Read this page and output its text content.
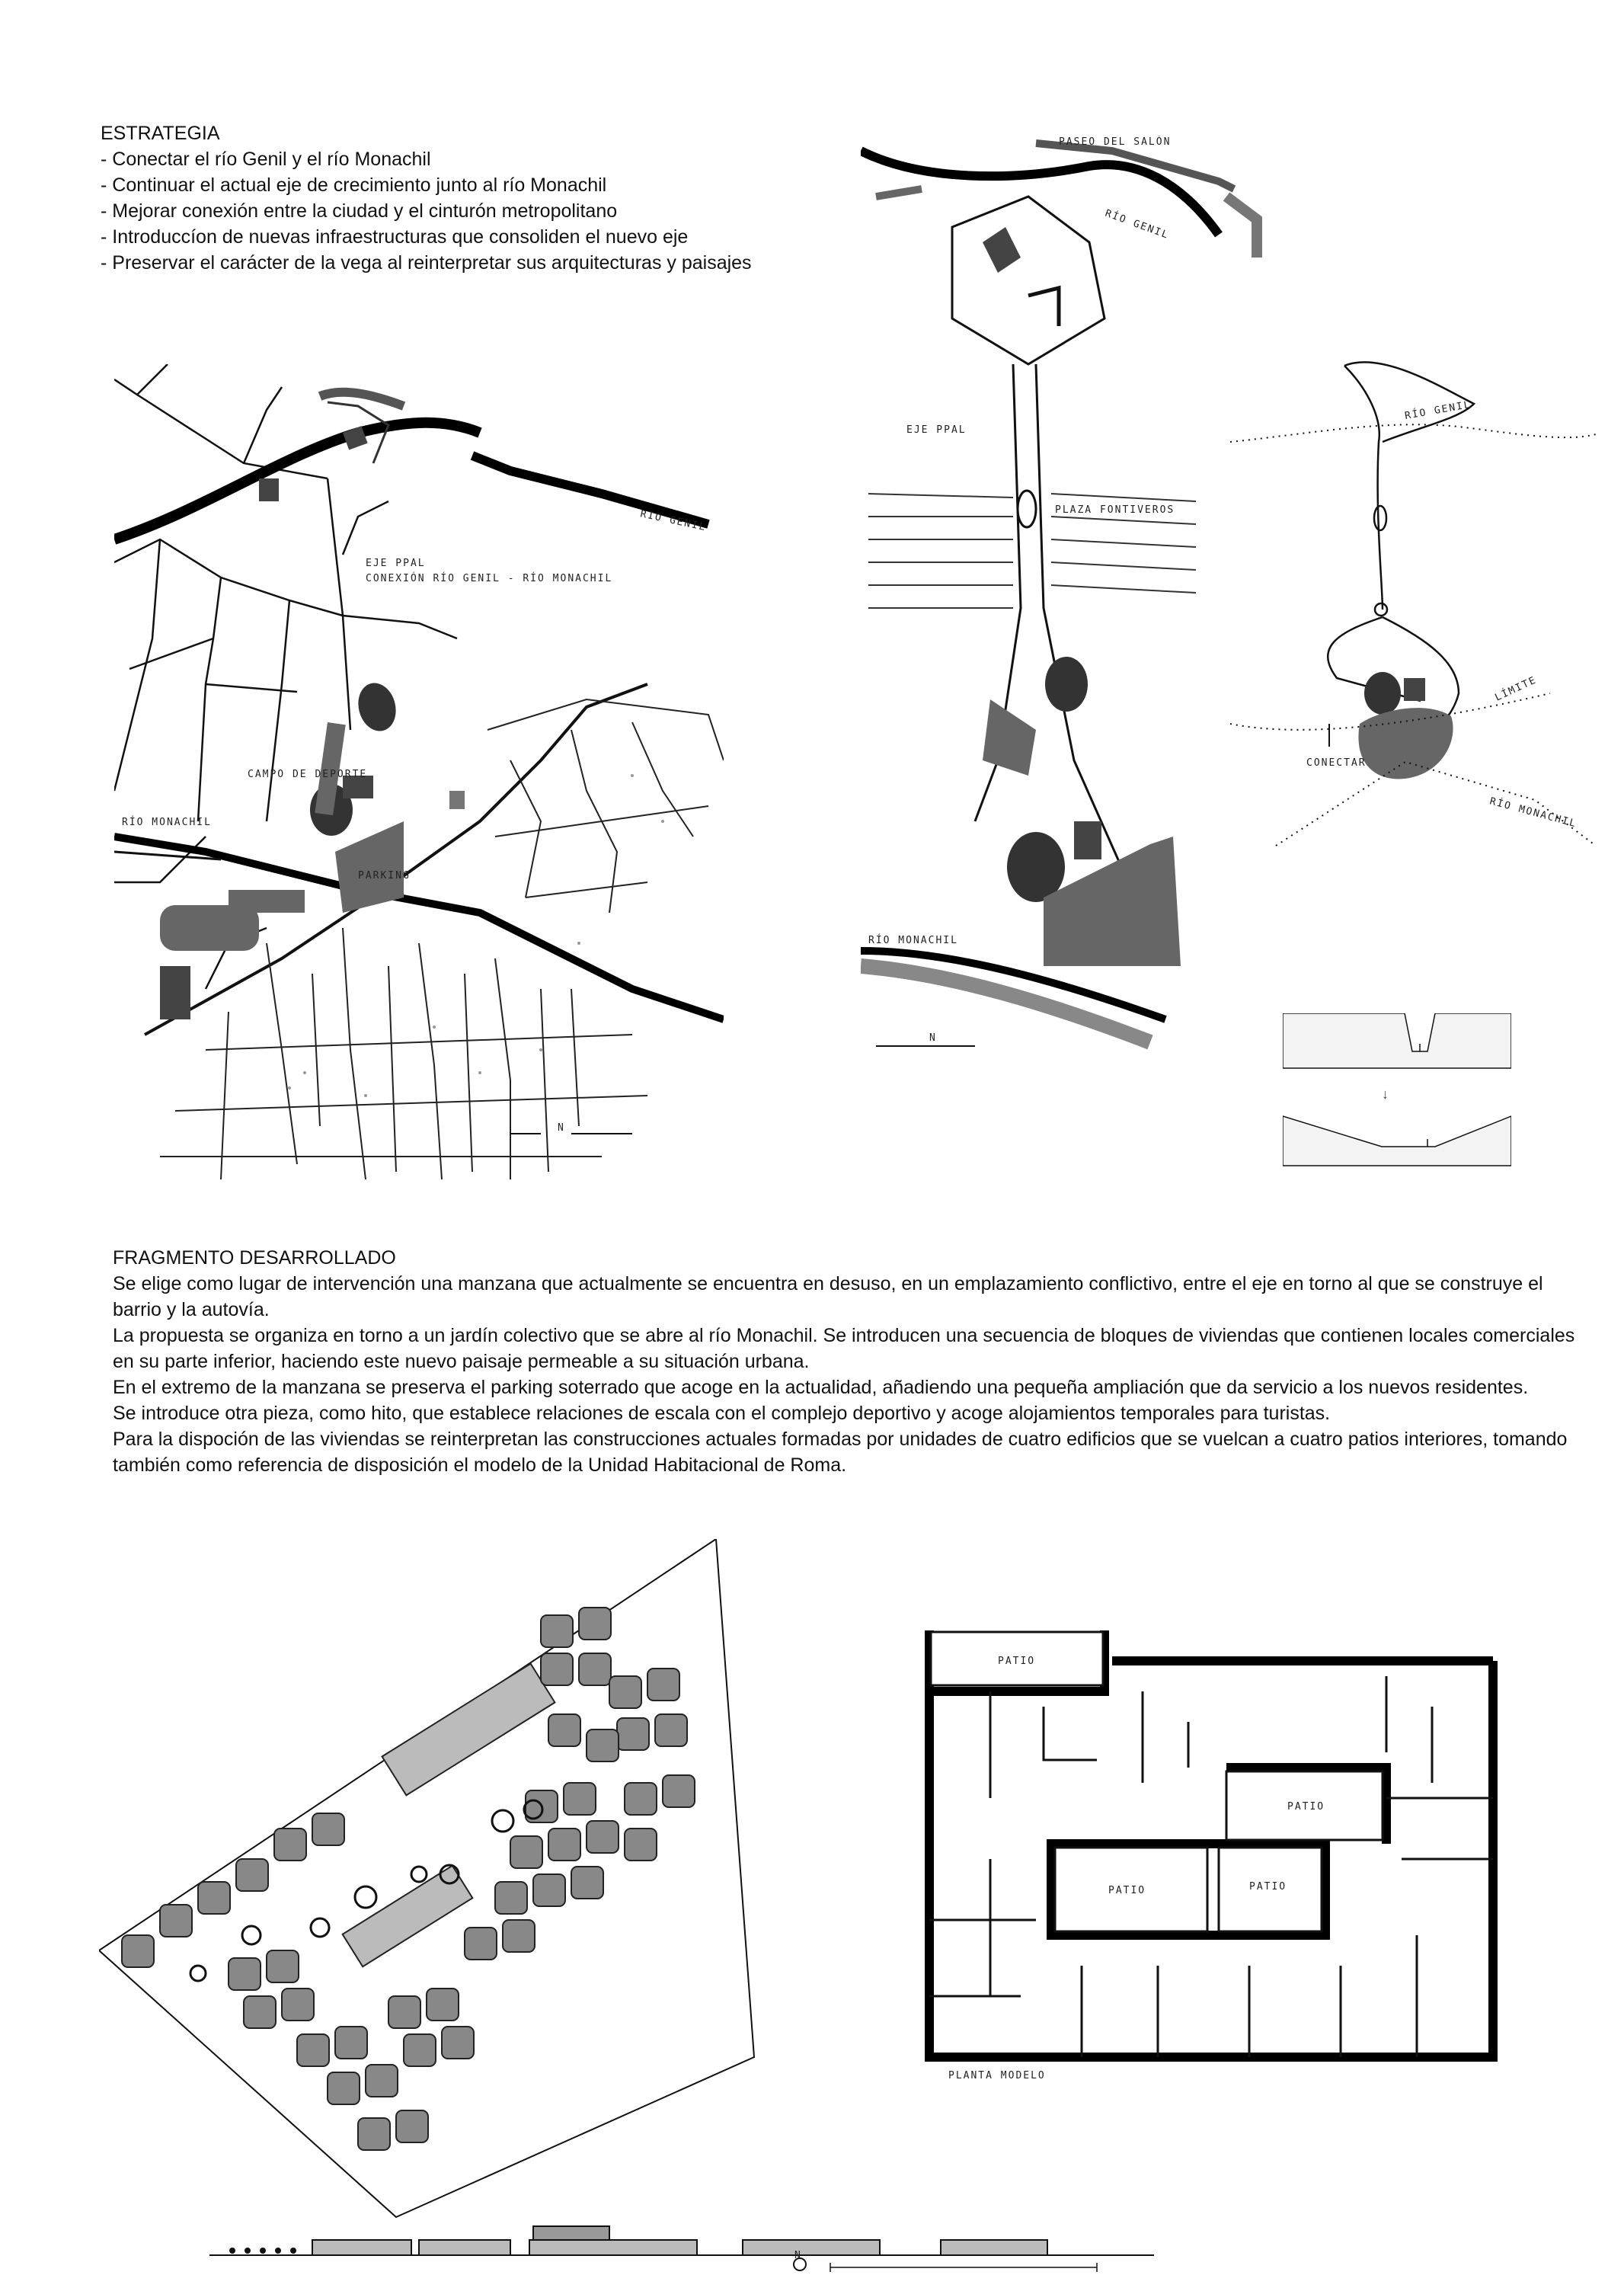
ESTRATEGIA
- Conectar el río Genil y el río Monachil
- Continuar el actual eje de crecimiento junto al río Monachil
- Mejorar conexión entre la ciudad y el cinturón metropolitano
- Introduccíon de nuevas infraestructuras que consoliden el nuevo eje
- Preservar el carácter de la vega al reinterpretar sus arquitecturas y paisajes
RÍO GENIL
EJE PPAL
CONEXIÓN RÍO GENIL - RÍO MONACHIL
CAMPO DE DEPORTE
RÍO MONACHIL
PARKING
N
PASEO DEL SALÓN
RÍO GENIL
EJE PPAL
PLAZA FONTIVEROS
RÍO MONACHIL
N
RÍO GENIL
LÍMITE
CONECTAR
RÍO MONACHIL
↓
FRAGMENTO DESARROLLADO

Se elige como lugar de intervención una manzana que actualmente se encuentra en desuso, en un emplazamiento conflictivo, entre el eje en torno al que se construye el barrio y la autovía.

La propuesta se organiza en torno a un jardín colectivo que se abre al río Monachil. Se introducen una secuencia de bloques de viviendas que contienen locales comerciales en su parte inferior, haciendo este nuevo paisaje permeable a su situación urbana.

En el extremo de la manzana se preserva el parking soterrado que acoge en la actualidad, añadiendo una pequeña ampliación que da servicio a los nuevos residentes.

Se introduce otra pieza, como hito, que establece relaciones de escala con el complejo deportivo y acoge alojamientos temporales para turistas.

Para la dispoción de las viviendas se reinterpretan las construcciones actuales formadas por unidades de cuatro edificios que se vuelcan a cuatro patios interiores, tomando también como referencia de disposición el modelo de la Unidad Habitacional de Roma.

PATIO
PATIO
PATIO	PATIO
PLANTA MODELO
N
